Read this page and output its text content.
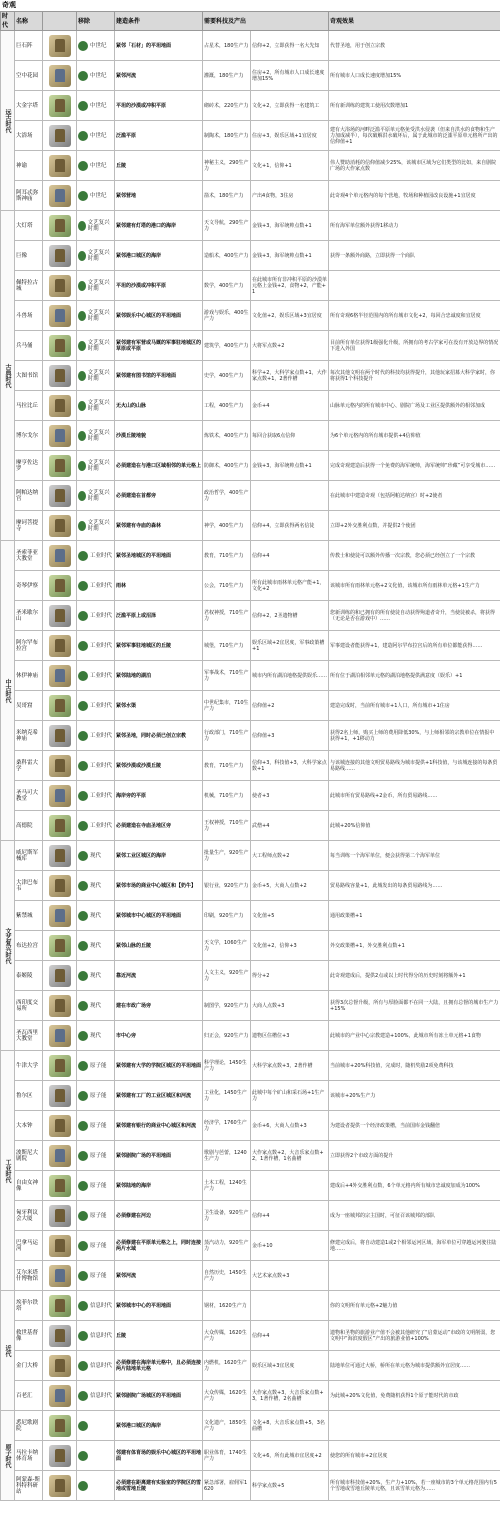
奇观
时代	名称		移除	建造条件	需要科技及产出		奇观效果
远古时代	巨石阵		中世纪	紧邻「石材」的平坦地面	占星术，180生产力	信仰+2，立即获得一名大先知	代替圣地，用于创立宗教
	空中花园		中世纪	紧邻河流	灌溉，180生产力	住房+2，所有城市人口成长速度增加15%	所有城市人口成长速度增加15%
	大金字塔		中世纪	平坦的沙漠或冲积平原	砌砖术，220生产力	文化+2，立即获得一名建筑工	所有新训练的建筑工使用次数增加1
	大浴场		中世纪	泛滥平原	制陶术，180生产力	住房+3，娱乐区域+1宜居度	建有大浴场的河畔泛滥平原单元格免受洪水侵袭（但来自洪水的食物和生产力加成减半），每次破解洪水破坏后，属于此城市的泛滥平原单元格所产出的信仰值+1
	神谕		中世纪	丘陵	神秘主义，290生产力	文化+1，信仰+1	伟人赞助消耗的信仰值减少25%，该城市区域为它们类型的比如，来自剧院广场的大作家点数
	阿耳忒弥斯神庙		中世纪	紧邻营地	箭术，180生产力	产出4食物，3住房	此奇观4个单元格内的每个营地，牧场和种植园改良设施+1宜居度
古典时代	大灯塔		文艺复兴时期	紧邻建有灯塔的港口的海岸	天文导航，290生产力	金钱+3，海军统帅点数+1	所有海军单位额外获得1移动力
	巨像		文艺复兴时期	紧邻港口城区的海岸	造船术，400生产力	金钱+3，海军统帅点数+1	获得一条额外商路，立即获得一个商队
	佩特拉古城		文艺复兴时期	平坦的沙漠或冲积平原	数学，400生产力	在此城市所有非冲积平原的沙漠单元格上金钱+2，食物+2，产能+1	
	斗兽场		文艺复兴时期	紧邻娱乐中心城区的平坦地面	游戏与娱乐，400生产力	文化值+2，娱乐区域+3宜居度	所有奇观6格半径范围内的所有城市文化+2，每回合忠诚度和宜居度
	兵马俑		文艺复兴时期	紧邻建有军营或马厩的军事驻地城区的草原或平原	建筑学，400生产力	大将军点数+2	目前所有单位获得1级强化升级，所拥有的考古学家可在没有开放边界的情况下进入外国
	大图书馆		文艺复兴时期	紧邻建有图书馆的平坦地面	史学，400生产力	科学+2，大科学家点数+1，大作家点数+1，2著作槽	每次其他文明在两个时代的科技均获得提升，其他玩家招募大科学家时，你将获得1个科技提升
	马拉比丘		文艺复兴时期	无火山的山脉	工程，400生产力	金币+4	山脉单元格内的所有城市中心、剧院广场及工业区提供额外的相邻加成
	博尔戈尔		文艺复兴时期	沙漠丘陵地貌	炼铁术，400生产力	每回合获取6点信仰	为6个单元格内的所有城市提供+4信仰值
	摩亨佐达罗		文艺复兴时期	必须建造在与港口区域相邻的单元格上	防御术，400生产力	金钱+3，海军统帅点数+1	完成奇观建造后获得一个免费的海军统帅，海军统帅“珍藏”可享受城市……
	阿帕达纳宫		文艺复兴时期	必须建造在首都旁	政治哲学，400生产力		在此城市中建造奇观（包括阿帕达纳宫）时+2使者
	摩诃菩提寺		文艺复兴时期	紧邻建有寺庙的森林	神学，400生产力	信仰+4，立即获得两名信徒	立即+2外交胜利点数，并提供2个使团
中古时代	圣索菲亚大教堂		工业时代	紧邻圣地城区的平坦地面	教育，710生产力	信仰+4	传教士和使徒可以额外传播一次宗教，您必须已经创立了一个宗教
	奇琴伊察		工业时代	雨林	公会，710生产力	所有此城市雨林单元格产能+1，文化+2	该城市所有雨林单元格+2文化值，该城市所有雨林单元格+1生产力
	圣米歇尔山		工业时代	泛滥平原上或沼泽	君权神授，710生产力	信仰+2，2圣遗物槽	您新训练的和已拥有的所有使徒自动获得殉道者奇升，当使徒被杀，将获得（无论是否在游戏中）……
	阿尔罕布拉宫		工业时代	紧邻军事驻地城区的丘陵	城堡，710生产力	娱乐区域+2宜居度，军事政策槽+1	军事建设者能获得+1，建造阿尔罕布拉宫后的所有单位都能获得……
	休伊神庙		工业时代	紧邻陆地的湖泊	军事战术，710生产力	城市内所有湖泊地格提供娱乐……	所有位于湖泊相邻单元格的湖泊地格提供满意度（娱乐）+1
	吴哥窟		工业时代	紧邻水渠	中世纪集市，710生产力	信仰值+2	建造完成时，当前所有城市+1人口，所有城市+1住房
	米纳克希神庙		工业时代	紧邻圣地，同时必须已创立宗教	行政部门，710生产力	信仰值+3	获得2名上师，购买上师的费用降低30%，与上师相邻的宗教单位在情报中获得+1，+1移动力
	桑科雷大学		工业时代	紧邻沙漠或沙漠丘陵	教育，710生产力	信仰+3，科技值+3，大科学家点数+1	与该城连接的其他文明贸易路线为城市提供+1科技值，与该城连接的每条贸易路线……
	圣马可大教堂		工业时代	海岸旁的平原	机械，710生产力	使者+3	此城市所有贸易路线+2金币，所有贸易路线……
	高德院		工业时代	必须建造在寺庙圣地区旁	王权神授，710生产力	武僧+4	此城+20%信仰值
文艺复兴时代	威尼斯军械库		现代	紧邻工业区城区的海岸	批量生产，920生产力	大工程师点数+2	每当训练一个海军单位，便会获得第二个海军单位
	大津巴布韦		现代	紧邻市场的商业中心城区和【奶牛】	银行业，920生产力	金币+5，大商人点数+2	贸易路线容量+1，此城发出的每条贸易路线为……
	紫禁城		现代	紧邻城市中心城区的平坦地面	印刷，920生产力	文化值+5	通用政策槽+1
	布达拉宫		现代	紧邻山脉的丘陵	天文学，1060生产力	文化值+2，信仰+3	外交政策槽+1，外交胜利点数+1
	泰姬陵		现代	靠近河流	人文主义，920生产力	得分+2	此奇观建成后，提供2点或以上时代得分的历史时刻将额外+1
	西印度交易所		现代	建在市政广场旁	制图学，920生产力	大商人点数+3	获得3次总督升级，所有与厚脸面都不在同一大陆，且拥有总督的城市生产力+15%
	圣瓦西里大教堂		现代	市中心旁	归正会，920生产力	遗物区住槽位+3	此城市的产业中心宗教建造+100%，此城市所有冻土单元格+1食物
工业时代	牛津大学		原子能	紧邻建有大学的学院区城区的平坦地面	科学理论，1450生产力	大科学家点数+3，2著作槽	当前城市+20%科技值，完成时，随机奖励2项免费科技
	鲁尔区		原子能	紧邻建有工厂的工业区城区和河流	工业化，1450生产力	此城中每个矿山和采石场+1生产力	该城市+20%生产力
	大本钟		原子能	紧邻建有银行的商业中心城区和河流	经济学，1760生产力	金币+6，大商人点数+3	为建设者提供一个经济政策槽，当前国库金钱翻倍
	波斯尼大剧院		原子能	紧邻剧院广场的平坦地面	歌剧与芭蕾，1240生产力	大作家点数+2，大音乐家点数+2，1著作槽，1名曲槽	立即获得2个市政方面的提升
	自由女神像		原子能	紧邻陆地的海岸	土木工程，1240生产力		建成后+4外交胜利点数，6个单元格内所有城市忠诚度加成为100%
	匈牙利议会大厦		原子能	必须修建在河边	卫生设备，920生产力	信仰+4	成为一座城邦的宗主国时，可征召该城邦的部队
	巴拿马运河		原子能	必须修建在平原单元格之上，同时连接两片水域	蒸汽动力，920生产力	金币+10	修建完成后，将自动建造1或2个相邻运河区域，海军单位可穿越运河驶往陆地……
	艾尔米塔什博物馆		原子能	紧邻河流	自然历史，1450生产力	大艺术家点数+3	
近代	埃菲尔铁塔		信息时代	紧邻城市中心的平坦地面	钢材，1620生产力		你的文明所有单元格+2魅力值
	救世基督像		信息时代	丘陵	大众传媒，1620生产力	信仰+4	遗物和圣物的旅游业产值不会被其他研究了“启蒙运动”市政的文明削弱，您文明中“海滨度假区”产出的旅游业值+100%
	金门大桥		信息时代	必须修建在海岸单元格中，且必须连接两片陆地单元格	内燃机，1620生产力	娱乐区域+3宜居度	陆地单位可通过大桥，桥所在单元格为城市提供额外宜居度……
	百老汇		信息时代	紧邻剧院广场城区的平坦地面	大众传媒，1620生产力	大作家点数+3，大音乐家点数+3，1著作槽，2名曲槽	为此城+20%文化值，免费随机获得1个原子能时代的市政
原子时代	悉尼歌剧院			紧邻港口城区的海岸	文化遗产，1850生产力	文化+8，大音乐家点数+5，3名曲槽	
	马拉卡纳体育场			邻建有体育场的娱乐中心城区的平坦地面	职业体育，1740生产力	文化+6，所有此城市宜居度+2	使您的所有城市+2宜居度
	阿蒙森-斯科特科研站			必须建在距离建有实验室的学院区的雪地或雪地丘陵	紧急部署，雇佣军1620	科学家点数+5	所有城市科技值+20%，生产力+10%，若一座城市的3个单元格范围内有5个雪地或雪地丘陵单元格，且该雪单元格为……
